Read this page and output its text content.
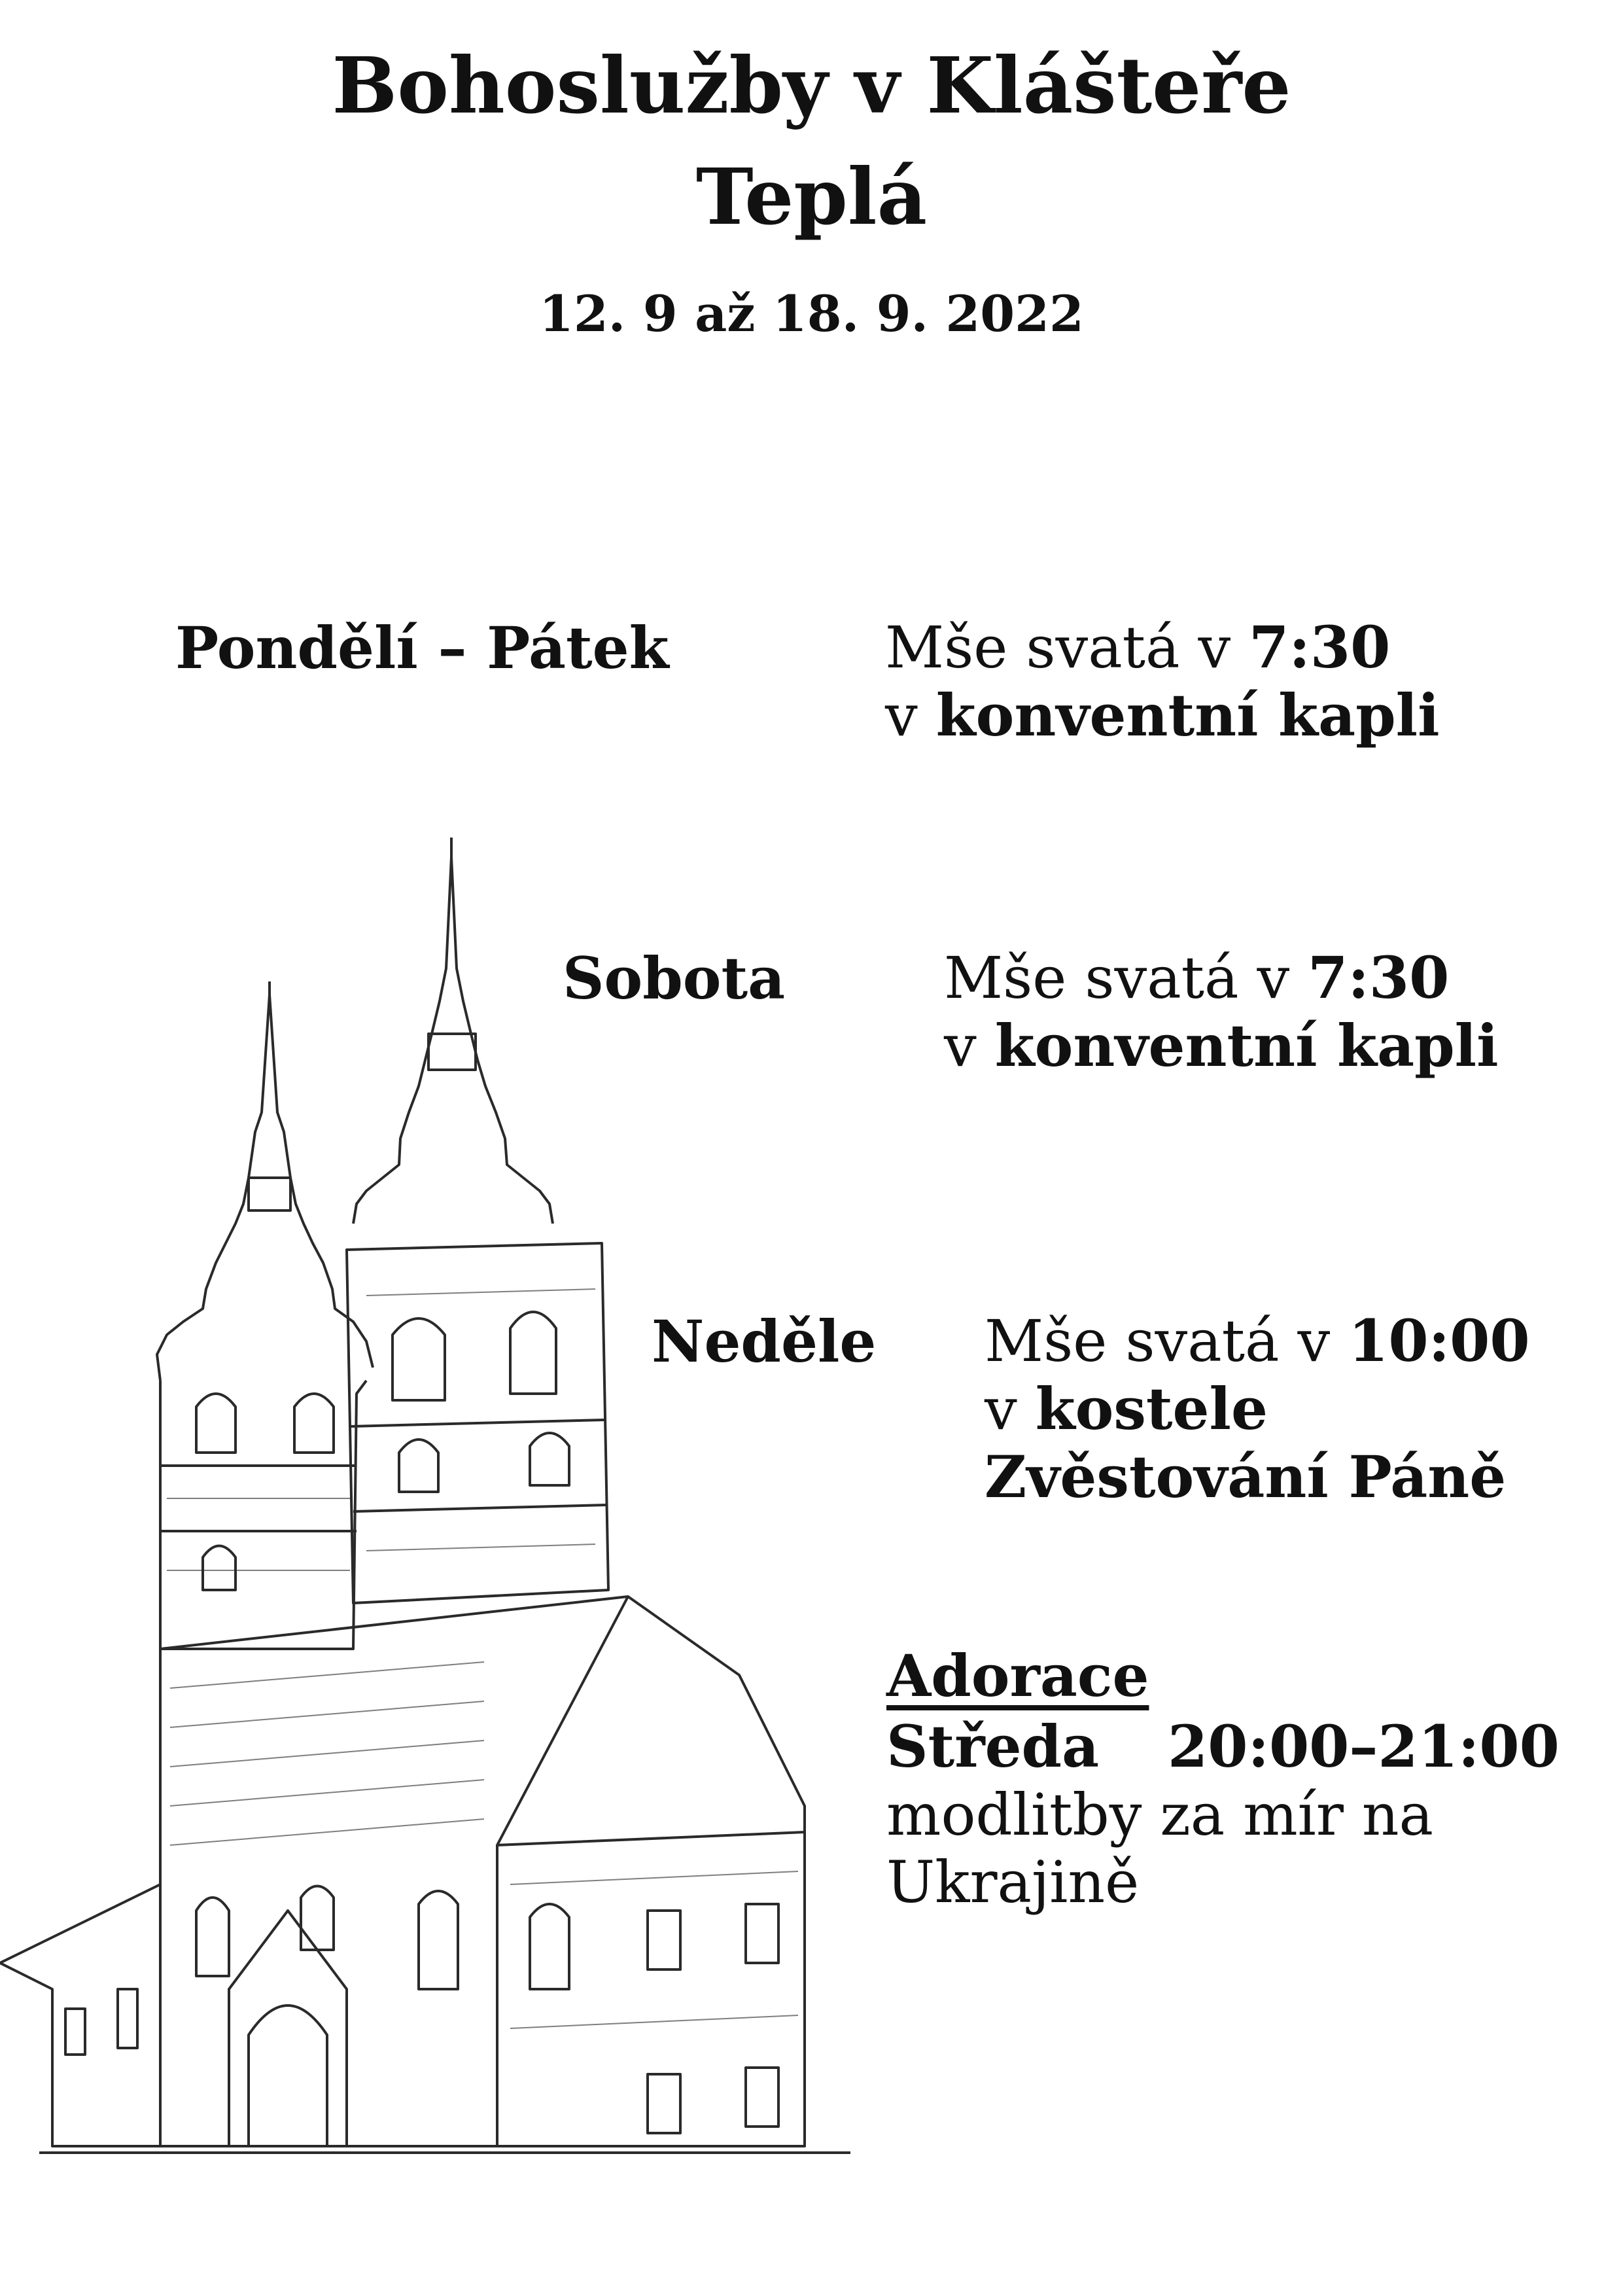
Bohoslužby v Klášteře
Teplá
12. 9 až 18. 9. 2022
Pondělí – Pátek	Mše svatá v 7:30
v konventní kapli
Sobota	Mše svatá v 7:30
v konventní kapli
Neděle Mše svatá v 10:00
v kostele
Zvěstování Páně
Adorace
Středa 20:00–21:00
modlitby za mír na
Ukrajině
